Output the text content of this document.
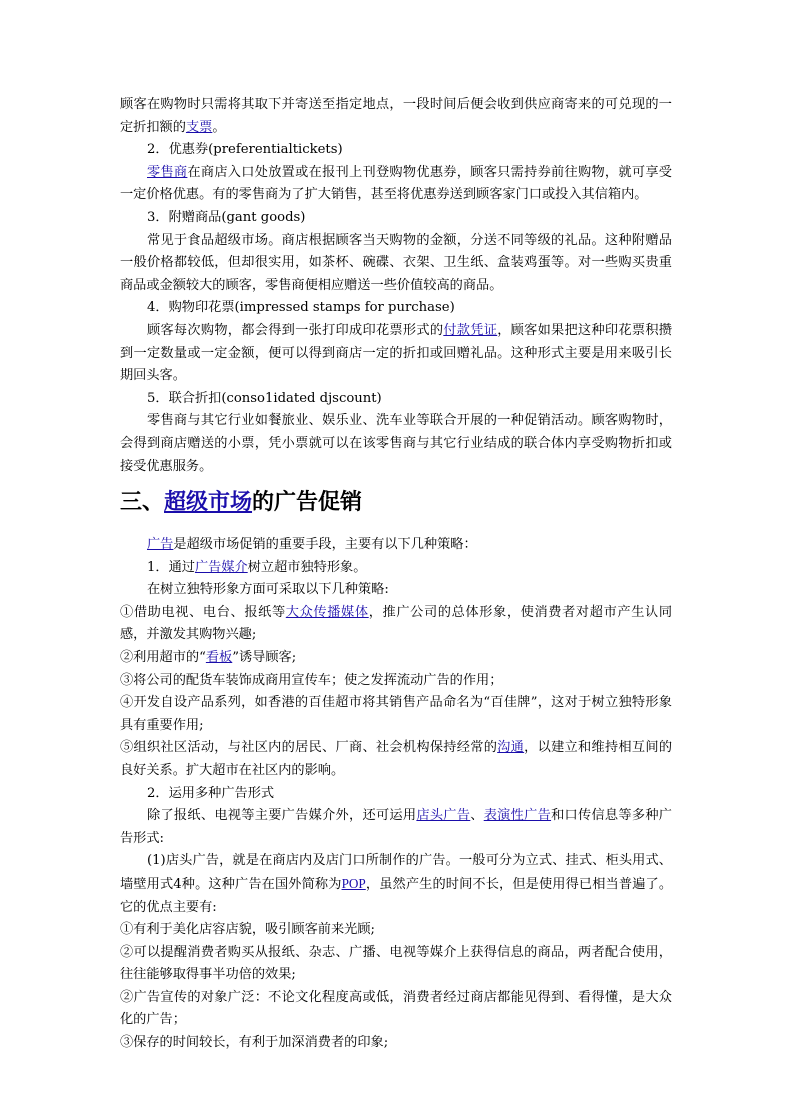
顾客在购物时只需将其取下并寄送至指定地点，一段时间后便会收到供应商寄来的可兑现的一定折扣额的支票。

2．优惠券(preferentialtickets)

零售商在商店入口处放置或在报刊上刊登购物优惠券，顾客只需持券前往购物，就可享受一定价格优惠。有的零售商为了扩大销售，甚至将优惠券送到顾客家门口或投入其信箱内。

3．附赠商品(gant goods)

常见于食品超级市场。商店根据顾客当天购物的金额，分送不同等级的礼品。这种附赠品一般价格都较低，但却很实用，如茶杯、碗碟、衣架、卫生纸、盒装鸡蛋等。对一些购买贵重商品或金额较大的顾客，零售商便相应赠送一些价值较高的商品。

4．购物印花票(impressed stamps for purchase)

顾客每次购物，都会得到一张打印成印花票形式的付款凭证，顾客如果把这种印花票积攒到一定数量或一定金额，便可以得到商店一定的折扣或回赠礼品。这种形式主要是用来吸引长期回头客。

5．联合折扣(conso1idated djscount)

零售商与其它行业如餐旅业、娱乐业、洗车业等联合开展的一种促销活动。顾客购物时，会得到商店赠送的小票，凭小票就可以在该零售商与其它行业结成的联合体内享受购物折扣或接受优惠服务。

三、超级市场的广告促销

广告是超级市场促销的重要手段，主要有以下几种策略：

1．通过广告媒介树立超市独特形象。

在树立独特形象方面可采取以下几种策略:

①借助电视、电台、报纸等大众传播媒体，推广公司的总体形象，使消费者对超市产生认同感，并激发其购物兴趣;

②利用超市的“看板”诱导顾客;

③将公司的配货车装饰成商用宣传车；使之发挥流动广告的作用；

④开发自设产品系列，如香港的百佳超市将其销售产品命名为“百佳牌”，这对于树立独特形象具有重要作用;

⑤组织社区活动，与社区内的居民、厂商、社会机构保持经常的沟通，以建立和维持相互间的良好关系。扩大超市在社区内的影响。

2．运用多种广告形式

除了报纸、电视等主要广告媒介外，还可运用店头广告、表演性广告和口传信息等多种广告形式:

(1)店头广告，就是在商店内及店门口所制作的广告。一般可分为立式、挂式、柜头用式、墙壁用式4种。这种广告在国外简称为POP，虽然产生的时间不长，但是使用得已相当普遍了。它的优点主要有:

①有利于美化店容店貌，吸引顾客前来光顾;

②可以提醒消费者购买从报纸、杂志、广播、电视等媒介上获得信息的商品，两者配合使用，往往能够取得事半功倍的效果;

②广告宣传的对象广泛：不论文化程度高或低，消费者经过商店都能见得到、看得懂，是大众化的广告；

③保存的时间较长，有利于加深消费者的印象;
